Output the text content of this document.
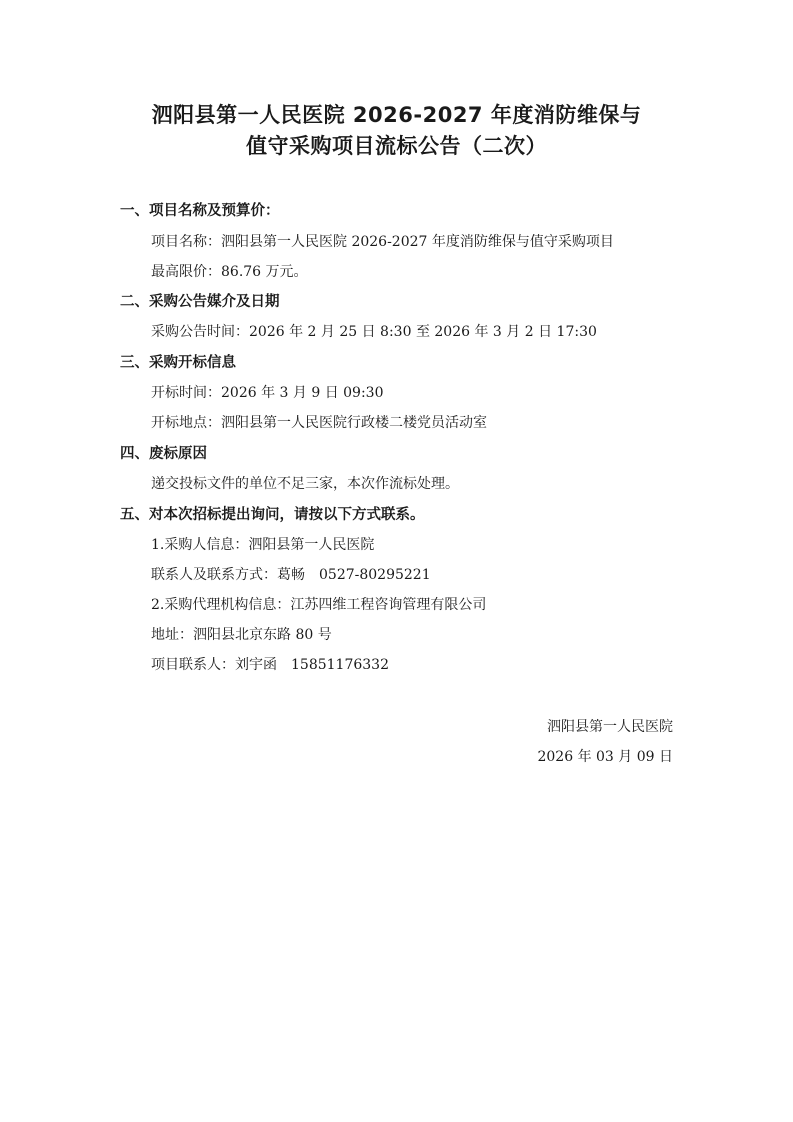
泗阳县第一人民医院 2026-2027 年度消防维保与
值守采购项目流标公告（二次）
一、项目名称及预算价：
项目名称：泗阳县第一人民医院 2026-2027 年度消防维保与值守采购项目
最高限价：86.76 万元。
二、采购公告媒介及日期
采购公告时间：2026 年 2 月 25 日 8:30 至 2026 年 3 月 2 日 17:30
三、采购开标信息
开标时间：2026 年 3 月 9 日 09:30
开标地点：泗阳县第一人民医院行政楼二楼党员活动室
四、废标原因
递交投标文件的单位不足三家，本次作流标处理。
五、对本次招标提出询问，请按以下方式联系。
1.采购人信息：泗阳县第一人民医院
联系人及联系方式：葛畅 0527-80295221
2.采购代理机构信息：江苏四维工程咨询管理有限公司
地址：泗阳县北京东路 80 号
项目联系人：刘宇函 15851176332
泗阳县第一人民医院
2026 年 03 月 09 日
